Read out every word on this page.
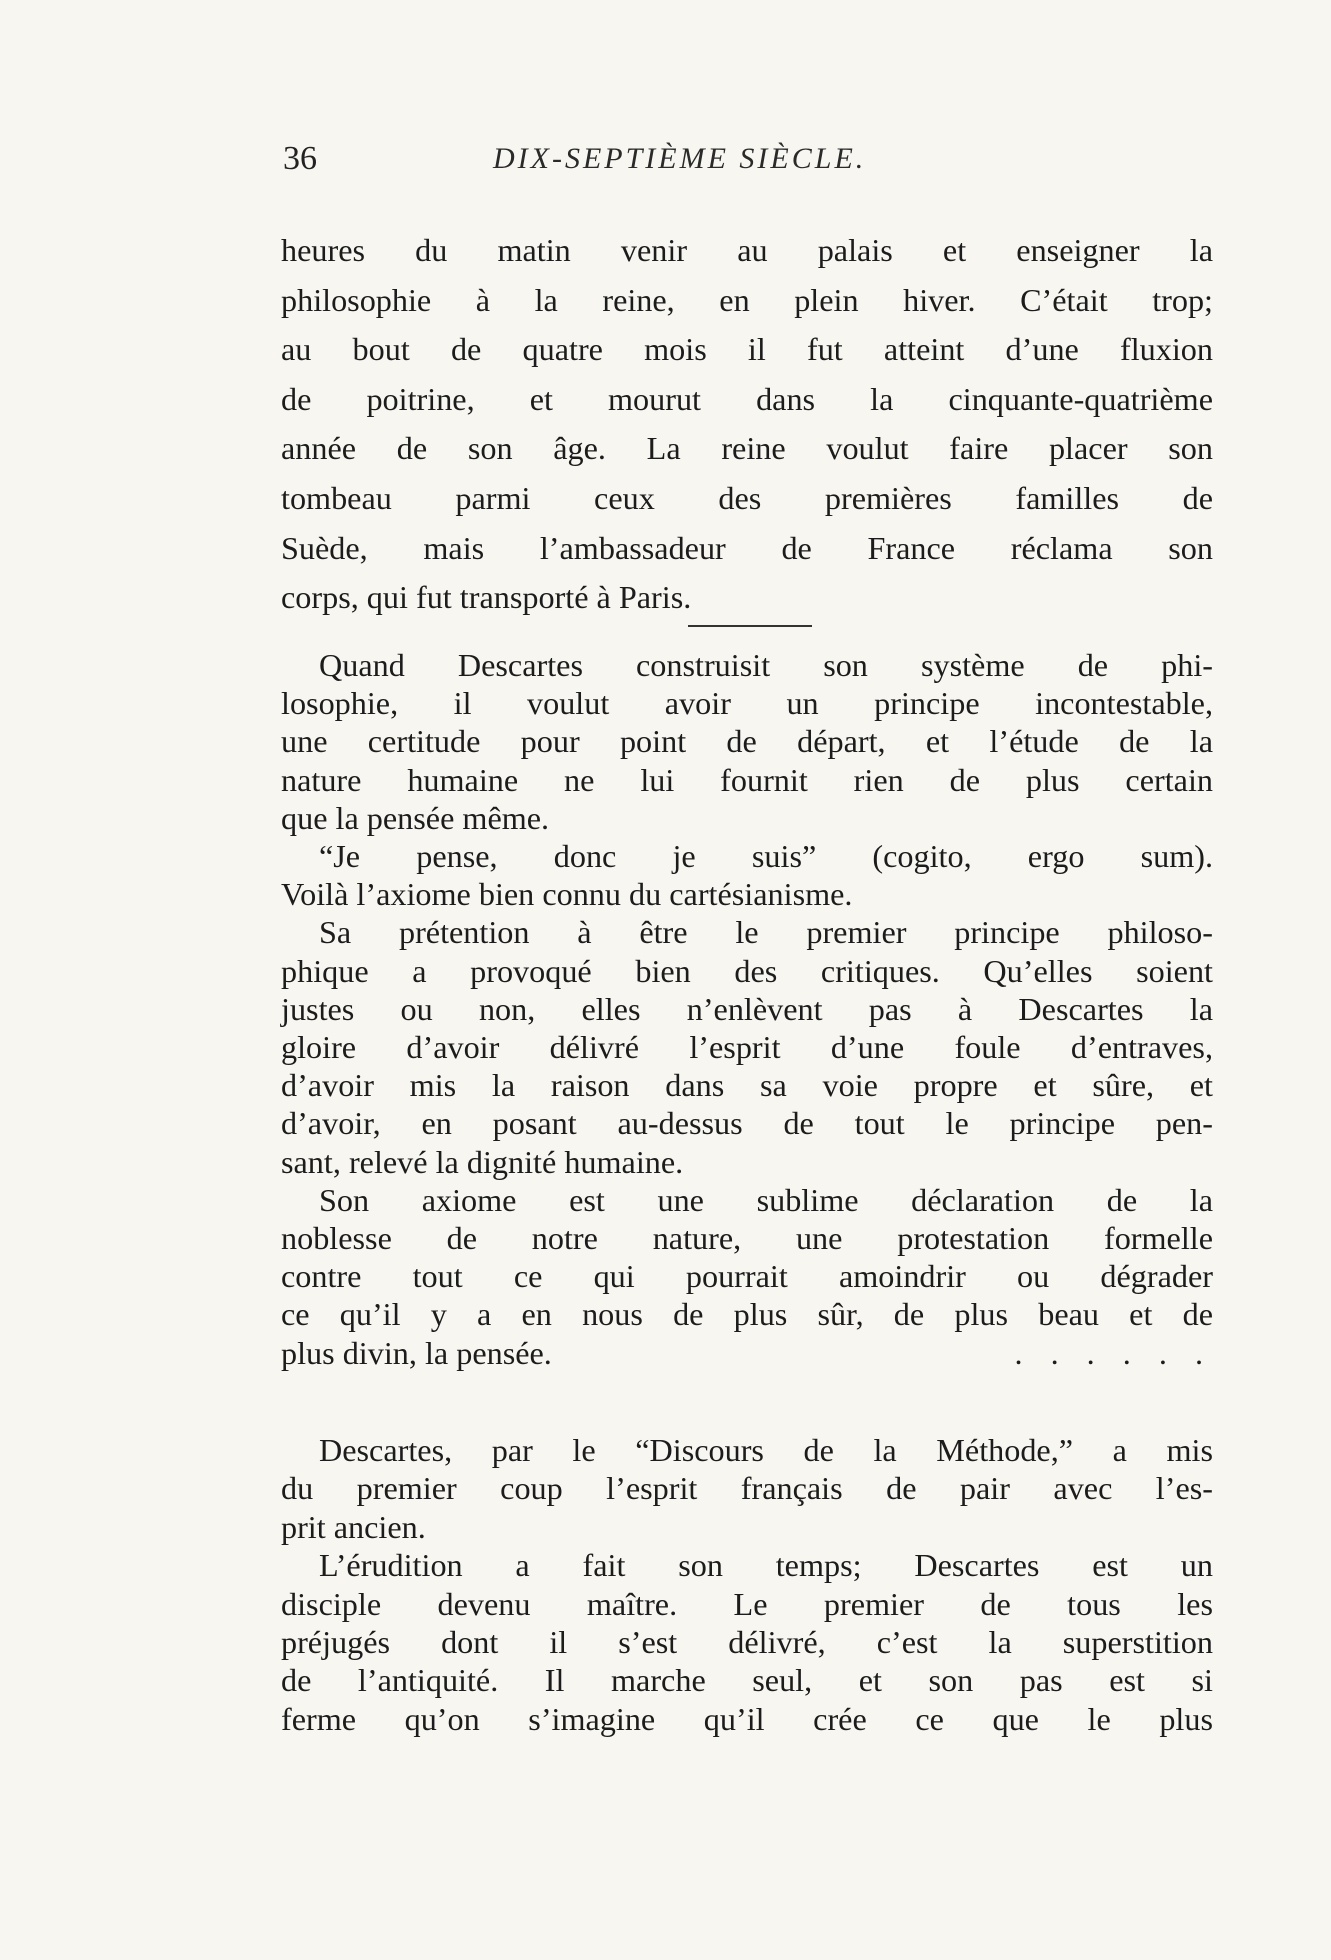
36	DIX-SEPTIÈME SIÈCLE.
heures du matin venir au palais et enseigner la
philosophie à la reine, en plein hiver. C’était trop;
au bout de quatre mois il fut atteint d’une fluxion
de poitrine, et mourut dans la cinquante-quatrième
année de son âge. La reine voulut faire placer son
tombeau parmi ceux des premières familles de
Suède, mais l’ambassadeur de France réclama son
corps, qui fut transporté à Paris.
Quand Descartes construisit son système de phi-
losophie, il voulut avoir un principe incontestable,
une certitude pour point de départ, et l’étude de la
nature humaine ne lui fournit rien de plus certain
que la pensée même.
“Je pense, donc je suis” (cogito, ergo sum).
Voilà l’axiome bien connu du cartésianisme.
Sa prétention à être le premier principe philoso-
phique a provoqué bien des critiques. Qu’elles soient
justes ou non, elles n’enlèvent pas à Descartes la
gloire d’avoir délivré l’esprit d’une foule d’entraves,
d’avoir mis la raison dans sa voie propre et sûre, et
d’avoir, en posant au-dessus de tout le principe pen-
sant, relevé la dignité humaine.
Son axiome est une sublime déclaration de la
noblesse de notre nature, une protestation formelle
contre tout ce qui pourrait amoindrir ou dégrader
ce qu’il y a en nous de plus sûr, de plus beau et de
plus divin, la pensée.	. . . . . .
Descartes, par le “Discours de la Méthode,” a mis
du premier coup l’esprit français de pair avec l’es-
prit ancien.
L’érudition a fait son temps; Descartes est un
disciple devenu maître. Le premier de tous les
préjugés dont il s’est délivré, c’est la superstition
de l’antiquité. Il marche seul, et son pas est si
ferme qu’on s’imagine qu’il crée ce que le plus
